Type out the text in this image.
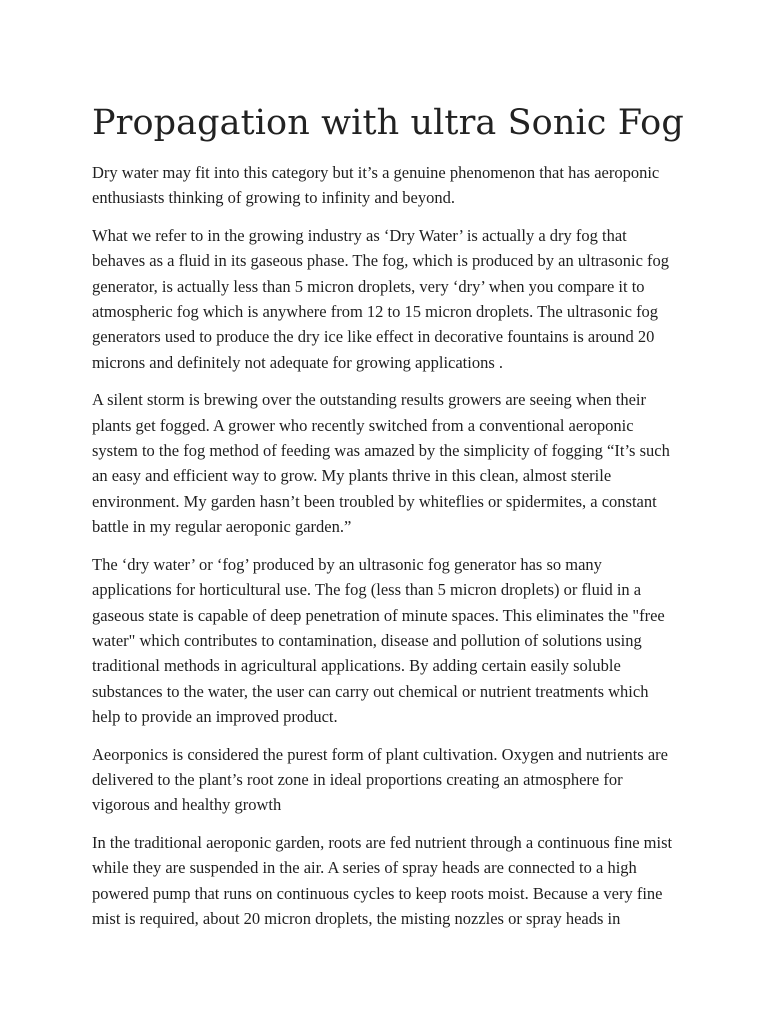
Propagation with ultra Sonic Fog

Dry water may fit into this category but it’s a genuine phenomenon that has aeroponic enthusiasts thinking of growing to infinity and beyond.

What we refer to in the growing industry as ‘Dry Water’ is actually a dry fog that behaves as a fluid in its gaseous phase. The fog, which is produced by an ultrasonic fog generator, is actually less than 5 micron droplets, very ‘dry’ when you compare it to atmospheric fog which is anywhere from 12 to 15 micron droplets. The ultrasonic fog generators used to produce the dry ice like effect in decorative fountains is around 20 microns and definitely not adequate for growing applications .

A silent storm is brewing over the outstanding results growers are seeing when their plants get fogged. A grower who recently switched from a conventional aeroponic system to the fog method of feeding was amazed by the simplicity of fogging “It’s such an easy and efficient way to grow. My plants thrive in this clean, almost sterile environment. My garden hasn’t been troubled by whiteflies or spidermites, a constant battle in my regular aeroponic garden.”

The ‘dry water’ or ‘fog’ produced by an ultrasonic fog generator has so many applications for horticultural use. The fog (less than 5 micron droplets) or fluid in a gaseous state is capable of deep penetration of minute spaces. This eliminates the "free water" which contributes to contamination, disease and pollution of solutions using traditional methods in agricultural applications. By adding certain easily soluble substances to the water, the user can carry out chemical or nutrient treatments which help to provide an improved product.

Aeorponics is considered the purest form of plant cultivation. Oxygen and nutrients are delivered to the plant’s root zone in ideal proportions creating an atmosphere for vigorous and healthy growth

In the traditional aeroponic garden, roots are fed nutrient through a continuous fine mist while they are suspended in the air. A series of spray heads are connected to a high powered pump that runs on continuous cycles to keep roots moist. Because a very fine mist is required, about 20 micron droplets, the misting nozzles or spray heads in
